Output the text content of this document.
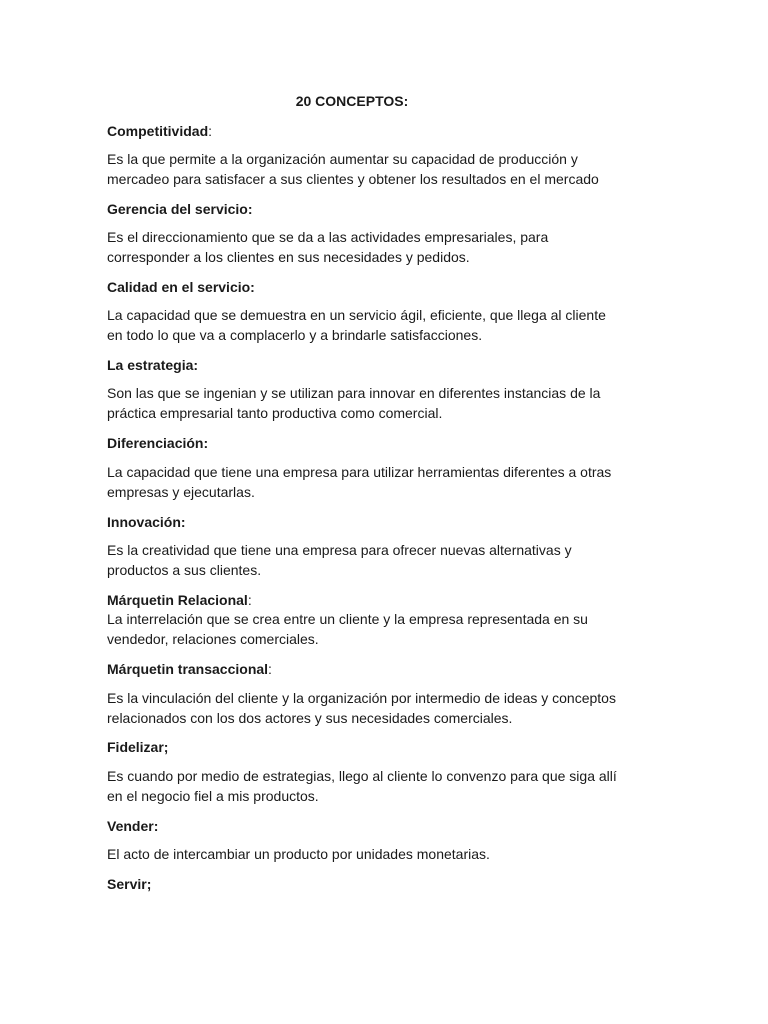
20 CONCEPTOS:

Competitividad:

Es la que permite a la organización aumentar su capacidad de producción y
mercadeo para satisfacer a sus clientes y obtener los resultados en el mercado

Gerencia del servicio:

Es el direccionamiento que se da a las actividades empresariales, para
corresponder a los clientes en sus necesidades y pedidos.

Calidad en el servicio:

La capacidad que se demuestra en un servicio ágil, eficiente, que llega al cliente
en todo lo que va a complacerlo y a brindarle satisfacciones.

La estrategia:

Son las que se ingenian y se utilizan para innovar en diferentes instancias de la
práctica empresarial tanto productiva como comercial.

Diferenciación:

La capacidad que tiene una empresa para utilizar herramientas diferentes a otras
empresas y ejecutarlas.

Innovación:

Es la creatividad que tiene una empresa para ofrecer nuevas alternativas y
productos a sus clientes.

Márquetin Relacional:

La interrelación que se crea entre un cliente y la empresa representada en su
vendedor, relaciones comerciales.

Márquetin transaccional:

Es la vinculación del cliente y la organización por intermedio de ideas y conceptos
relacionados con los dos actores y sus necesidades comerciales.

Fidelizar;

Es cuando por medio de estrategias, llego al cliente lo convenzo para que siga allí
en el negocio fiel a mis productos.

Vender:

El acto de intercambiar un producto por unidades monetarias.

Servir;
